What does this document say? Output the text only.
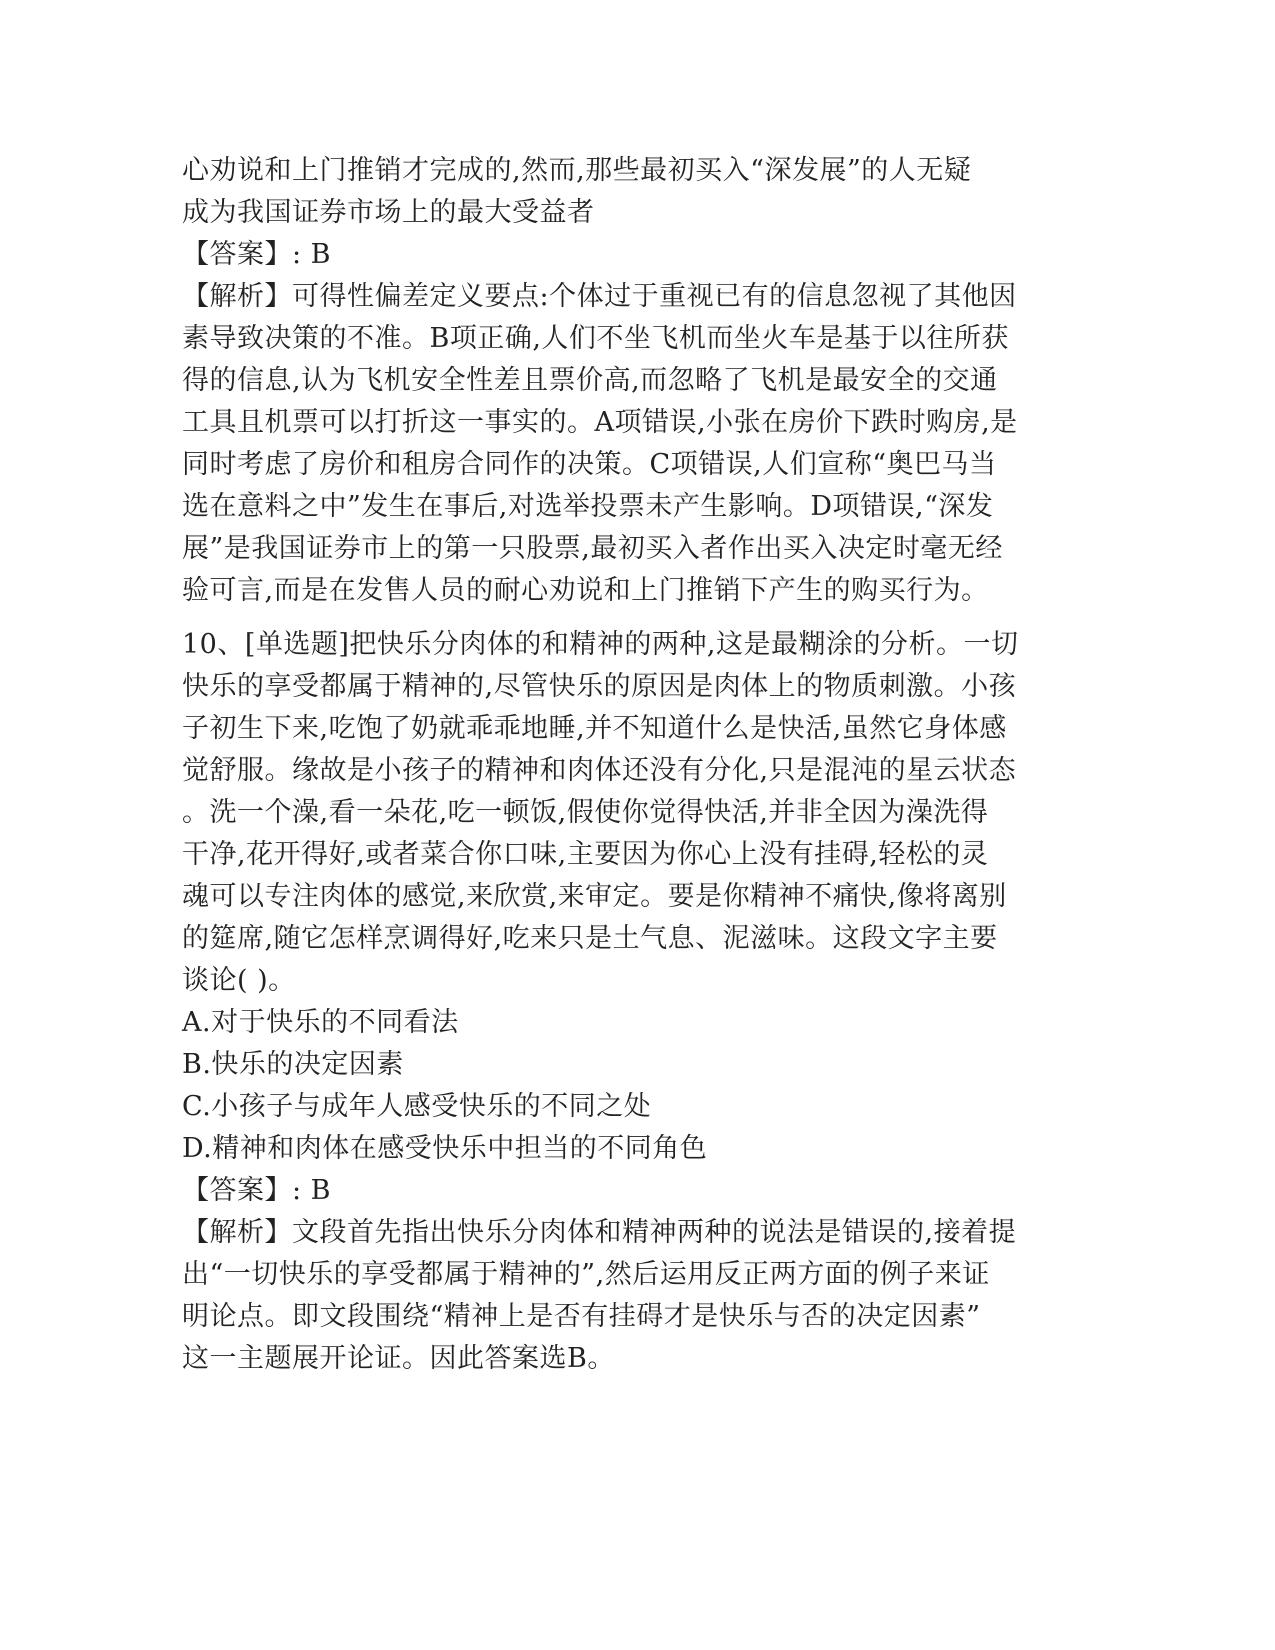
心劝说和上门推销才完成的,然而,那些最初买入“深发展”的人无疑
成为我国证券市场上的最大受益者
【答案】: B
【解析】可得性偏差定义要点:个体过于重视已有的信息忽视了其他因
素导致决策的不准。B项正确,人们不坐飞机而坐火车是基于以往所获
得的信息,认为飞机安全性差且票价高,而忽略了飞机是最安全的交通
工具且机票可以打折这一事实的。A项错误,小张在房价下跌时购房,是
同时考虑了房价和租房合同作的决策。C项错误,人们宣称“奥巴马当
选在意料之中”发生在事后,对选举投票未产生影响。D项错误,“深发
展”是我国证券市上的第一只股票,最初买入者作出买入决定时毫无经
验可言,而是在发售人员的耐心劝说和上门推销下产生的购买行为。
10、[单选题]把快乐分肉体的和精神的两种,这是最糊涂的分析。一切
快乐的享受都属于精神的,尽管快乐的原因是肉体上的物质刺激。小孩
子初生下来,吃饱了奶就乖乖地睡,并不知道什么是快活,虽然它身体感
觉舒服。缘故是小孩子的精神和肉体还没有分化,只是混沌的星云状态
。洗一个澡,看一朵花,吃一顿饭,假使你觉得快活,并非全因为澡洗得
干净,花开得好,或者菜合你口味,主要因为你心上没有挂碍,轻松的灵
魂可以专注肉体的感觉,来欣赏,来审定。要是你精神不痛快,像将离别
的筵席,随它怎样烹调得好,吃来只是土气息、泥滋味。这段文字主要
谈论( )。
A.对于快乐的不同看法
B.快乐的决定因素
C.小孩子与成年人感受快乐的不同之处
D.精神和肉体在感受快乐中担当的不同角色
【答案】: B
【解析】文段首先指出快乐分肉体和精神两种的说法是错误的,接着提
出“一切快乐的享受都属于精神的”,然后运用反正两方面的例子来证
明论点。即文段围绕“精神上是否有挂碍才是快乐与否的决定因素”
这一主题展开论证。因此答案选B。
